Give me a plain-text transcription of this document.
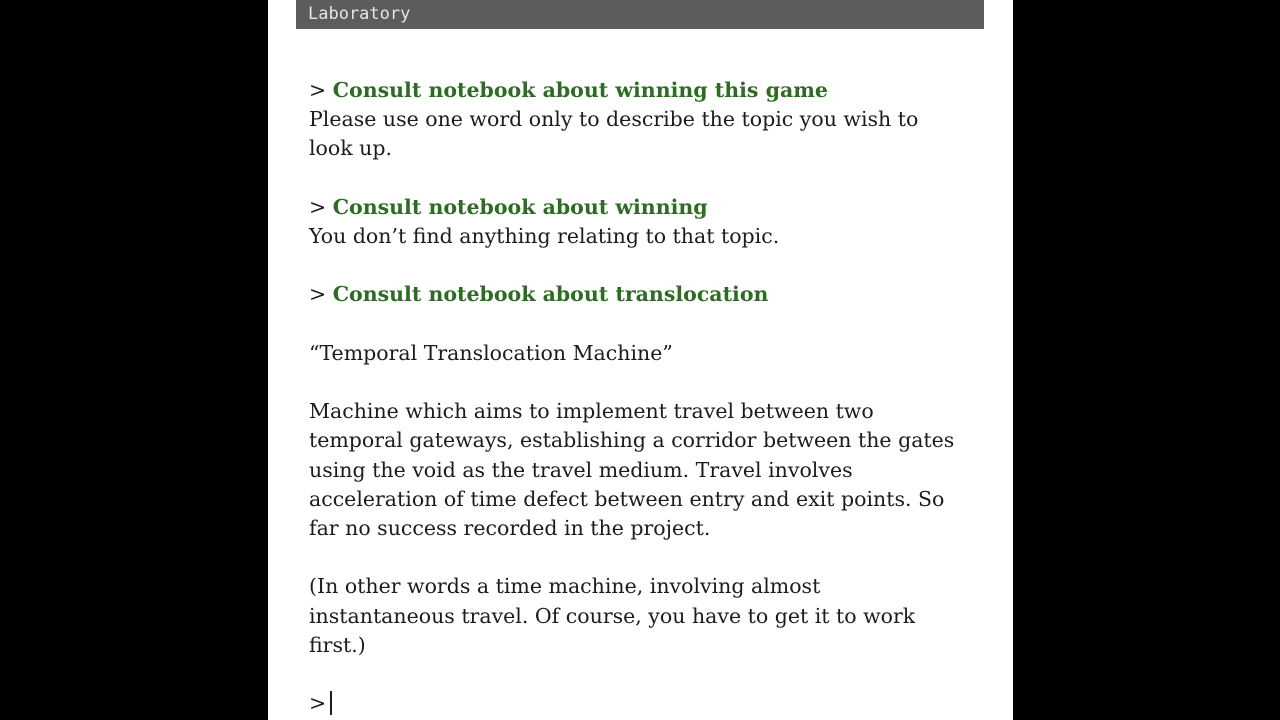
Laboratory
> Consult notebook about winning this game
Please use one word only to describe the topic you wish to
look up.
> Consult notebook about winning
You don’t find anything relating to that topic.
> Consult notebook about translocation
“Temporal Translocation Machine”
Machine which aims to implement travel between two
temporal gateways, establishing a corridor between the gates
using the void as the travel medium. Travel involves
acceleration of time defect between entry and exit points. So
far no success recorded in the project.
(In other words a time machine, involving almost
instantaneous travel. Of course, you have to get it to work
first.)
>
